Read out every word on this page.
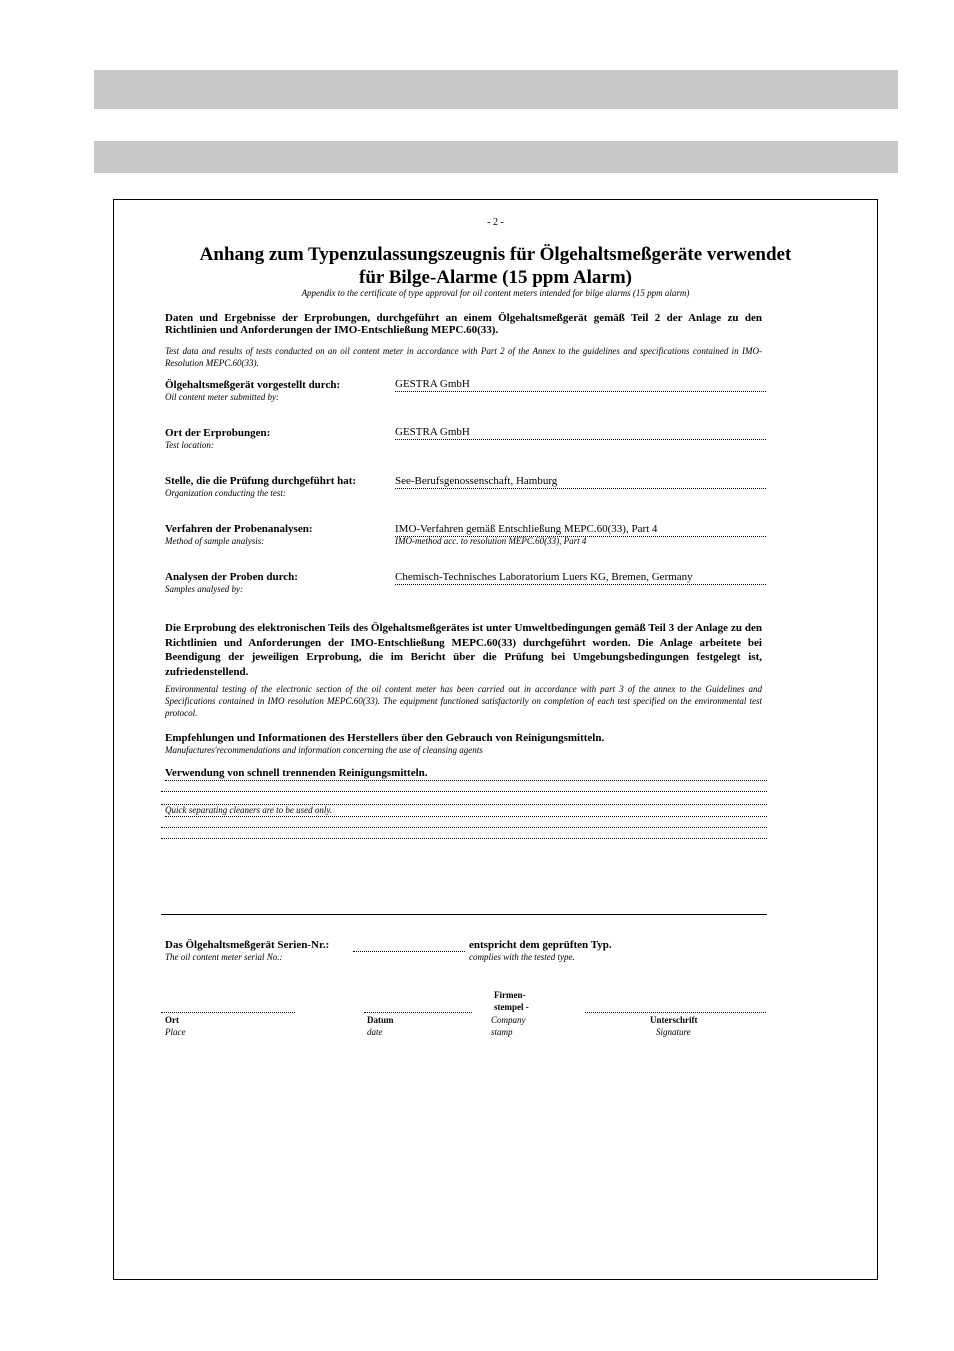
- 2 -
Anhang zum Typenzulassungszeugnis für Ölgehaltsmeßgeräte verwendet
für Bilge-Alarme (15 ppm Alarm)
Appendix to the certificate of type approval for oil content meters intended for bilge alarms (15 ppm alarm)
Daten und Ergebnisse der Erprobungen, durchgeführt an einem Ölgehaltsmeßgerät gemäß Teil 2 der Anlage zu den Richtlinien und Anforderungen der IMO-Entschließung MEPC.60(33).
Test data and results of tests conducted on an oil content meter in accordance with Part 2 of the Annex to the guidelines and specifications contained in IMO-Resolution MEPC.60(33).
Ölgehaltsmeßgerät vorgestellt durch:
Oil content meter submitted by:
GESTRA GmbH
Ort der Erprobungen:
Test location:
GESTRA GmbH
Stelle, die die Prüfung durchgeführt hat:
Organization conducting the test:
See-Berufsgenossenschaft, Hamburg
Verfahren der Probenanalysen:
Method of sample analysis:
IMO-Verfahren gemäß Entschließung MEPC.60(33), Part 4
IMO-method acc. to resolution MEPC.60(33), Part 4
Analysen der Proben durch:
Samples analysed by:
Chemisch-Technisches Laboratorium Luers KG, Bremen, Germany
Die Erprobung des elektronischen Teils des Ölgehaltsmeßgerätes ist unter Umweltbedingungen gemäß Teil 3 der Anlage zu den Richtlinien und Anforderungen der IMO-Entschließung MEPC.60(33) durchgeführt worden. Die Anlage arbeitete bei Beendigung der jeweiligen Erprobung, die im Bericht über die Prüfung bei Umgebungsbedingungen festgelegt ist, zufriedenstellend.
Environmental testing of the electronic section of the oil content meter has been carried out in accordance with part 3 of the annex to the Guidelines and Specifications contained in IMO resolution MEPC.60(33). The equipment functioned satisfactorily on completion of each test specified on the environmental test protocol.
Empfehlungen und Informationen des Herstellers über den Gebrauch von Reinigungsmitteln.
Manufactures'recommendations and information concerning the use of cleansing agents
Verwendung von schnell trennenden Reinigungsmitteln.
Quick separating cleaners are to be used only.
Das Ölgehaltsmeßgerät Serien-Nr.:
The oil content meter serial No.:
entspricht dem geprüften Typ.
complies with the tested type.
Ort
Place
Datum
date
Firmen-
stempel -
Company
stamp
Unterschrift
Signature
